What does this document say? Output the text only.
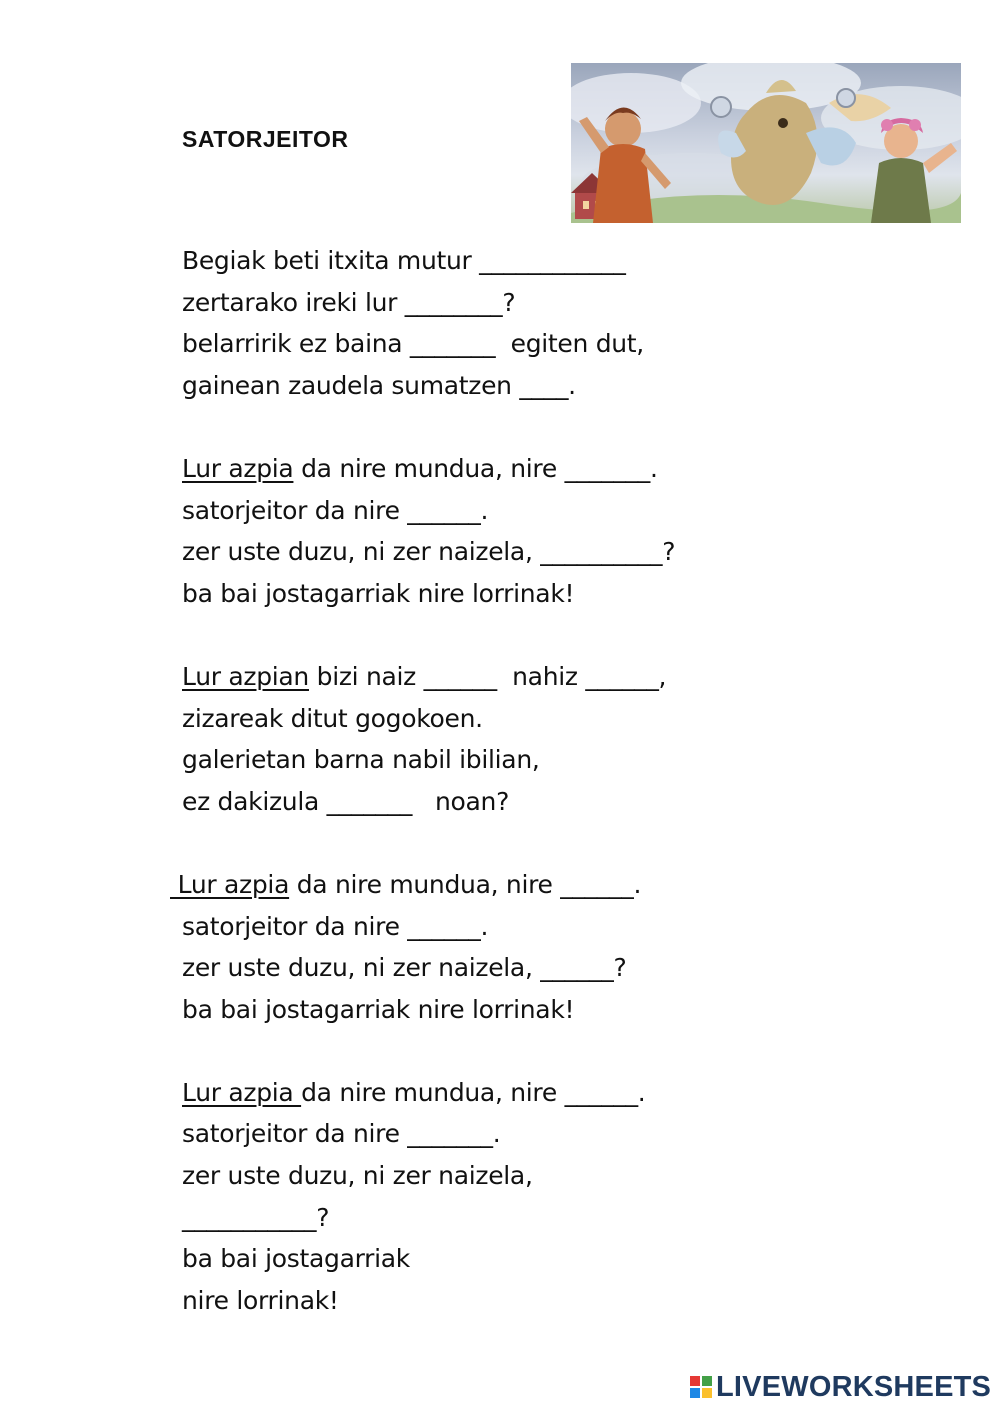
SATORJEITOR
Begiak beti itxita mutur ____________
zertarako ireki lur ________?
belarririk ez baina _______  egiten dut,
gainean zaudela sumatzen ____.
Lur azpia da nire mundua, nire _______.
satorjeitor da nire ______.
zer uste duzu, ni zer naizela, __________?
ba bai jostagarriak nire lorrinak!
Lur azpian bizi naiz ______  nahiz ______,
zizareak ditut gogokoen.
galerietan barna nabil ibilian,
ez dakizula _______   noan?
Lur azpia da nire mundua, nire ______.
satorjeitor da nire ______.
zer uste duzu, ni zer naizela, ______?
ba bai jostagarriak nire lorrinak!
Lur azpia da nire mundua, nire ______.
satorjeitor da nire _______.
zer uste duzu, ni zer naizela,
___________?
ba bai jostagarriak
nire lorrinak!
LIVEWORKSHEETS
